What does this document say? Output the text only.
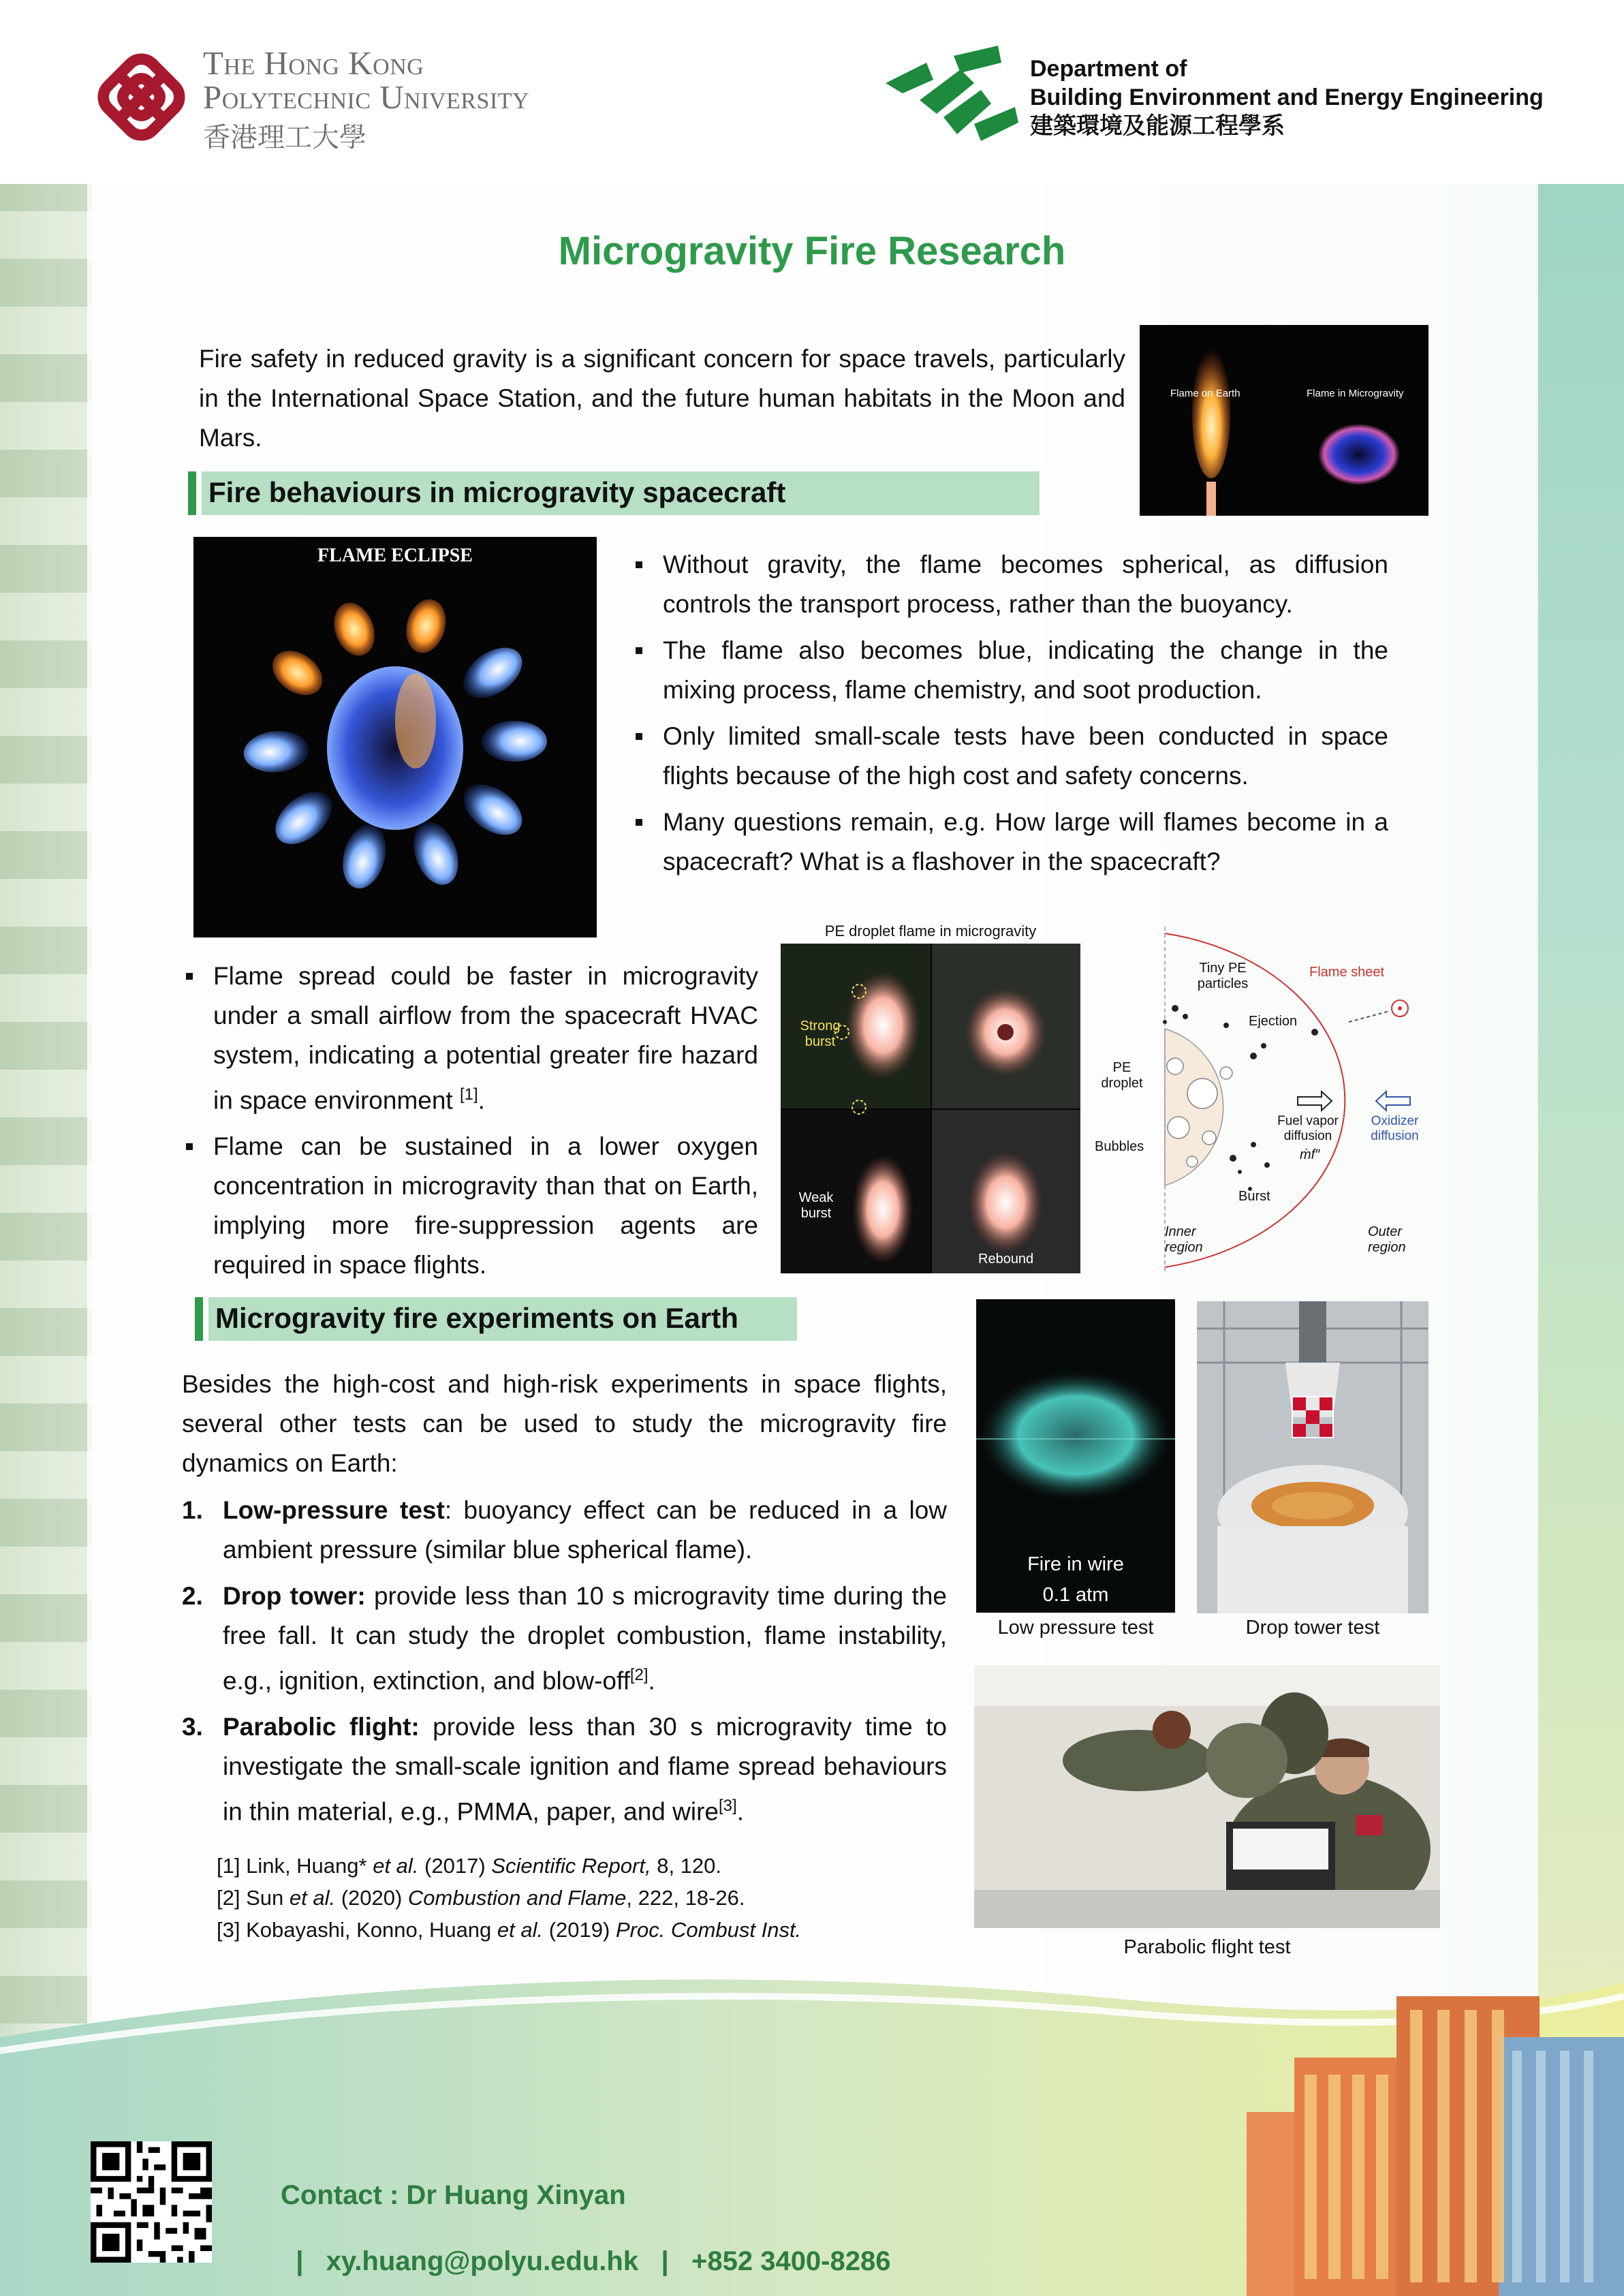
The Hong Kong
Polytechnic University
香港理工大學
Department of
Building Environment and Energy Engineering
建築環境及能源工程學系
Microgravity Fire Research
Fire safety in reduced gravity is a significant concern for space travels, particularly in the International Space Station, and the future human habitats in the Moon and Mars.
Flame on Earth	Flame in Microgravity
Fire behaviours in microgravity spacecraft
FLAME ECLIPSE	Without gravity, the flame becomes spherical, as diffusion controls the transport process, rather than the buoyancy.
The flame also becomes blue, indicating the change in the mixing process, flame chemistry, and soot production.
Only limited small-scale tests have been conducted in space flights because of the high cost and safety concerns.
Many questions remain, e.g. How large will flames become in a spacecraft? What is a flashover in the spacecraft?
Flame spread could be faster in microgravity under a small airflow from the spacecraft HVAC system, indicating a potential greater fire hazard in space environment [1].
Flame can be sustained in a lower oxygen concentration in microgravity than that on Earth, implying more fire-suppression agents are required in space flights.
PE droplet flame in microgravity
Strong burst
Weak burst
Rebound
Tiny PE particles
Flame sheet
Ejection
PE droplet
Fuel vapor diffusion
ṁf″
Oxidizer diffusion
Bubbles
Burst
Inner region
Outer region
Microgravity fire experiments on Earth
Besides the high-cost and high-risk experiments in space flights, several other tests can be used to study the microgravity fire dynamics on Earth:
1. Low-pressure test: buoyancy effect can be reduced in a low ambient pressure (similar blue spherical flame).
2. Drop tower: provide less than 10 s microgravity time during the free fall. It can study the droplet combustion, flame instability, e.g., ignition, extinction, and blow-off[2].
3. Parabolic flight: provide less than 30 s microgravity time to investigate the small-scale ignition and flame spread behaviours in thin material, e.g., PMMA, paper, and wire[3].
[1] Link, Huang* et al. (2017) Scientific Report, 8, 120.
[2] Sun et al. (2020) Combustion and Flame, 222, 18-26.
[3] Kobayashi, Konno, Huang et al. (2019) Proc. Combust Inst.
Fire in wire
0.1 atm
Low pressure test	Drop tower test
Parabolic flight test
Contact : Dr Huang Xinyan

| xy.huang@polyu.edu.hk | +852 3400-8286
